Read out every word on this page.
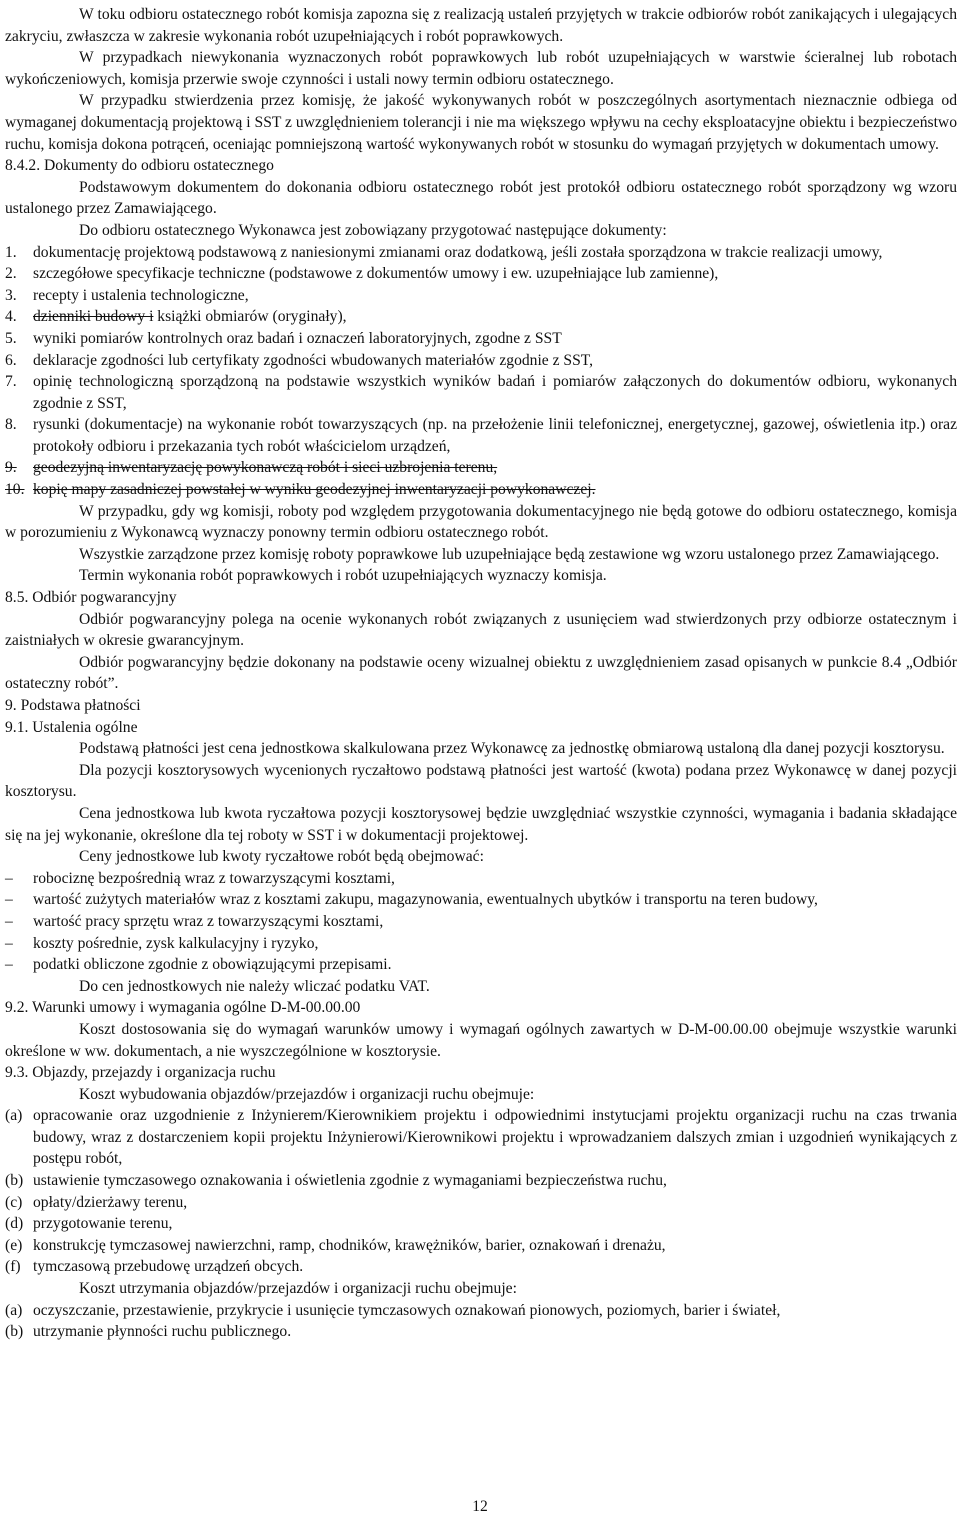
W toku odbioru ostatecznego robót komisja zapozna się z realizacją ustaleń przyjętych w trakcie odbiorów robót zanikających i ulegających zakryciu, zwłaszcza w zakresie wykonania robót uzupełniających i robót poprawkowych.

W przypadkach niewykonania wyznaczonych robót poprawkowych lub robót uzupełniających w warstwie ścieralnej lub robotach wykończeniowych, komisja przerwie swoje czynności i ustali nowy termin odbioru ostatecznego.

W przypadku stwierdzenia przez komisję, że jakość wykonywanych robót w poszczególnych asortymentach nieznacznie odbiega od wymaganej dokumentacją projektową i SST z uwzględnieniem tolerancji i nie ma większego wpływu na cechy eksploatacyjne obiektu i bezpieczeństwo ruchu, komisja dokona potrąceń, oceniając pomniejszoną wartość wykonywanych robót w stosunku do wymagań przyjętych w dokumentach umowy.

8.4.2. Dokumenty do odbioru ostatecznego

Podstawowym dokumentem do dokonania odbioru ostatecznego robót jest protokół odbioru ostatecznego robót sporządzony wg wzoru ustalonego przez Zamawiającego.

Do odbioru ostatecznego Wykonawca jest zobowiązany przygotować następujące dokumenty:

1.	dokumentację projektową podstawową z naniesionymi zmianami oraz dodatkową, jeśli została sporządzona w trakcie realizacji umowy,
2.	szczegółowe specyfikacje techniczne (podstawowe z dokumentów umowy i ew. uzupełniające lub zamienne),
3.	recepty i ustalenia technologiczne,
4.	dzienniki budowy i książki obmiarów (oryginały),
5.	wyniki pomiarów kontrolnych oraz badań i oznaczeń laboratoryjnych, zgodne z SST
6.	deklaracje zgodności lub certyfikaty zgodności wbudowanych materiałów zgodnie z SST,
7.	opinię technologiczną sporządzoną na podstawie wszystkich wyników badań i pomiarów załączonych do dokumentów odbioru, wykonanych zgodnie z SST,
8.	rysunki (dokumentacje) na wykonanie robót towarzyszących (np. na przełożenie linii telefonicznej, energetycznej, gazowej, oświetlenia itp.) oraz protokoły odbioru i przekazania tych robót właścicielom urządzeń,
9.	geodezyjną inwentaryzację powykonawczą robót i sieci uzbrojenia terenu,
10. kopię mapy zasadniczej powstałej w wyniku geodezyjnej inwentaryzacji powykonawczej.

W przypadku, gdy wg komisji, roboty pod względem przygotowania dokumentacyjnego nie będą gotowe do odbioru ostatecznego, komisja w porozumieniu z Wykonawcą wyznaczy ponowny termin odbioru ostatecznego robót.

Wszystkie zarządzone przez komisję roboty poprawkowe lub uzupełniające będą zestawione wg wzoru ustalonego przez Zamawiającego.

Termin wykonania robót poprawkowych i robót uzupełniających wyznaczy komisja.

8.5. Odbiór pogwarancyjny

Odbiór pogwarancyjny polega na ocenie wykonanych robót związanych z usunięciem wad stwierdzonych przy odbiorze ostatecznym i zaistniałych w okresie gwarancyjnym.

Odbiór pogwarancyjny będzie dokonany na podstawie oceny wizualnej obiektu z uwzględnieniem zasad opisanych w punkcie 8.4 „Odbiór ostateczny robót”.

9. Podstawa płatności

9.1. Ustalenia ogólne

Podstawą płatności jest cena jednostkowa skalkulowana przez Wykonawcę za jednostkę obmiarową ustaloną dla danej pozycji kosztorysu.

Dla pozycji kosztorysowych wycenionych ryczałtowo podstawą płatności jest wartość (kwota) podana przez Wykonawcę w danej pozycji kosztorysu.

Cena jednostkowa lub kwota ryczałtowa pozycji kosztorysowej będzie uwzględniać wszystkie czynności, wymagania i badania składające się na jej wykonanie, określone dla tej roboty w SST i w dokumentacji projektowej.

Ceny jednostkowe lub kwoty ryczałtowe robót będą obejmować:

–	robociznę bezpośrednią wraz z towarzyszącymi kosztami,
–	wartość zużytych materiałów wraz z kosztami zakupu, magazynowania, ewentualnych ubytków i transportu na teren budowy,
–	wartość pracy sprzętu wraz z towarzyszącymi kosztami,
–	koszty pośrednie, zysk kalkulacyjny i ryzyko,
–	podatki obliczone zgodnie z obowiązującymi przepisami.

Do cen jednostkowych nie należy wliczać podatku VAT.

9.2. Warunki umowy i wymagania ogólne D-M-00.00.00

Koszt dostosowania się do wymagań warunków umowy i wymagań ogólnych zawartych w D-M-00.00.00 obejmuje wszystkie warunki określone w ww. dokumentach, a nie wyszczególnione w kosztorysie.

9.3. Objazdy, przejazdy i organizacja ruchu

Koszt wybudowania objazdów/przejazdów i organizacji ruchu obejmuje:

(a) opracowanie oraz uzgodnienie z Inżynierem/Kierownikiem projektu i odpowiednimi instytucjami projektu organizacji ruchu na czas trwania budowy, wraz z dostarczeniem kopii projektu Inżynierowi/Kierownikowi projektu i wprowadzaniem dalszych zmian i uzgodnień wynikających z postępu robót,
(b) ustawienie tymczasowego oznakowania i oświetlenia zgodnie z wymaganiami bezpieczeństwa ruchu,
(c) opłaty/dzierżawy terenu,
(d) przygotowanie terenu,
(e) konstrukcję tymczasowej nawierzchni, ramp, chodników, krawężników, barier, oznakowań i drenażu,
(f) tymczasową przebudowę urządzeń obcych.

Koszt utrzymania objazdów/przejazdów i organizacji ruchu obejmuje:

(a) oczyszczanie, przestawienie, przykrycie i usunięcie tymczasowych oznakowań pionowych, poziomych, barier i świateł,
(b) utrzymanie płynności ruchu publicznego.
12
